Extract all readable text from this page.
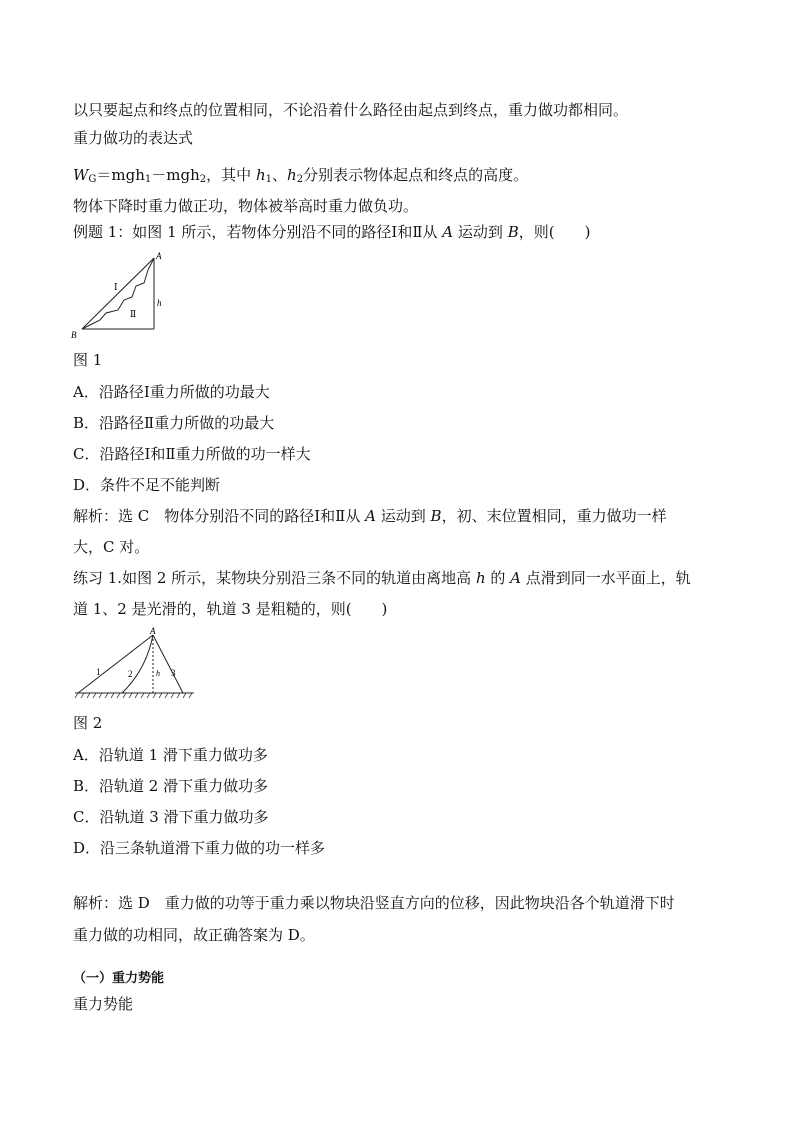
以只要起点和终点的位置相同，不论沿着什么路径由起点到终点，重力做功都相同。
重力做功的表达式
$W_G=mgh_1-mgh_2$，其中 $h_1$、$h_2$分别表示物体起点和终点的高度。
物体下降时重力做正功，物体被举高时重力做负功。
例题 1：如图 1 所示，若物体分别沿不同的路径Ⅰ和Ⅱ从 A 运动到 B，则(　　)
A
B
h
Ⅰ
Ⅱ
图 1
A．沿路径Ⅰ重力所做的功最大
B．沿路径Ⅱ重力所做的功最大
C．沿路径Ⅰ和Ⅱ重力所做的功一样大
D．条件不足不能判断
解析：选 C　物体分别沿不同的路径Ⅰ和Ⅱ从 A 运动到 B，初、末位置相同，重力做功一样
大，C 对。
练习 1.如图 2 所示，某物块分别沿三条不同的轨道由离地高 h 的 A 点滑到同一水平面上，轨
道 1、2 是光滑的，轨道 3 是粗糙的，则(　　)
A
h
1	2	3
图 2
A．沿轨道 1 滑下重力做功多
B．沿轨道 2 滑下重力做功多
C．沿轨道 3 滑下重力做功多
D．沿三条轨道滑下重力做的功一样多
解析：选 D　重力做的功等于重力乘以物块沿竖直方向的位移，因此物块沿各个轨道滑下时
重力做的功相同，故正确答案为 D。
（一）重力势能
重力势能
